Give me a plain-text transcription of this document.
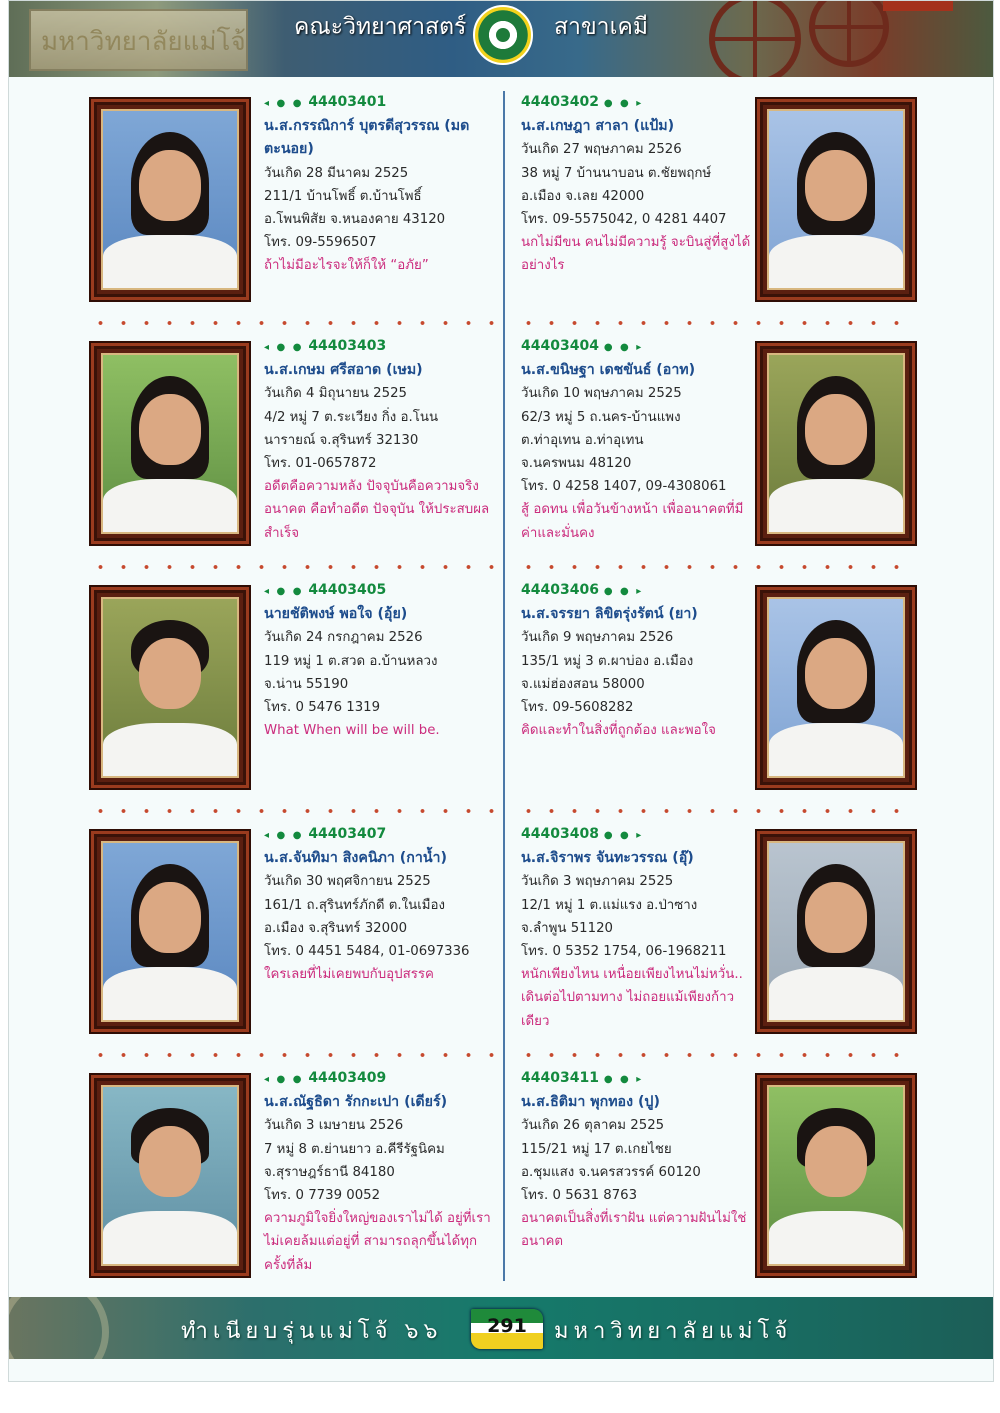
มหาวิทยาลัยแม่โจ้ คณะวิทยาศาสตร์	สาขาเคมี
◂ ● ● 44403401
น.ส.กรรณิการ์ บุตรดีสุวรรณ (มดตะนอย)
วันเกิด 28 มีนาคม 2525
211/1 บ้านโพธิ์ ต.บ้านโพธิ์
อ.โพนพิสัย จ.หนองคาย 43120
โทร. 09-5596507
ถ้าไม่มีอะไรจะให้ก็ให้ “อภัย”
44403402 ● ● ▸
น.ส.เกษฎา สาลา (แป้ม)
วันเกิด 27 พฤษภาคม 2526
38 หมู่ 7 บ้านนาบอน ต.ชัยพฤกษ์
อ.เมือง จ.เลย 42000
โทร. 09-5575042, 0 4281 4407
นกไม่มีขน คนไม่มีความรู้ จะบินสู่ที่สูงได้อย่างไร
◂ ● ● 44403403
น.ส.เกษม ศรีสอาด (เษม)
วันเกิด 4 มิถุนายน 2525
4/2 หมู่ 7 ต.ระเวียง กิ่ง อ.โนน
นารายณ์ จ.สุรินทร์ 32130
โทร. 01-0657872
อดีตคือความหลัง ปัจจุบันคือความจริง อนาคต คือทำอดีต ปัจจุบัน ให้ประสบผลสำเร็จ
44403404 ● ● ▸
น.ส.ขนิษฐา เดชขันธ์ (อาท)
วันเกิด 10 พฤษภาคม 2525
62/3 หมู่ 5 ถ.นคร-บ้านแพง
ต.ท่าอุเทน อ.ท่าอุเทน
จ.นครพนม 48120
โทร. 0 4258 1407, 09-4308061
สู้ อดทน เพื่อวันข้างหน้า เพื่ออนาคตที่มีค่าและมั่นคง
◂ ● ● 44403405
นายชัติพงษ์ พอใจ (อุ้ย)
วันเกิด 24 กรกฎาคม 2526
119 หมู่ 1 ต.สวด อ.บ้านหลวง
จ.น่าน 55190
โทร. 0 5476 1319
What When will be will be.
44403406 ● ● ▸
น.ส.จรรยา ลิขิตรุ่งรัตน์ (ยา)
วันเกิด 9 พฤษภาคม 2526
135/1 หมู่ 3 ต.ผาบ่อง อ.เมือง
จ.แม่ฮ่องสอน 58000
โทร. 09-5608282
คิดและทำในสิ่งที่ถูกต้อง และพอใจ
◂ ● ● 44403407
น.ส.จันทิมา สิงคนิภา (กานํ้า)
วันเกิด 30 พฤศจิกายน 2525
161/1 ถ.สุรินทร์ภักดี ต.ในเมือง
อ.เมือง จ.สุรินทร์ 32000
โทร. 0 4451 5484, 01-0697336
ใครเลยที่ไม่เคยพบกับอุปสรรค
44403408 ● ● ▸
น.ส.จิราพร จันทะวรรณ (อุ๊)
วันเกิด 3 พฤษภาคม 2525
12/1 หมู่ 1 ต.แม่แรง อ.ป่าซาง
จ.ลำพูน 51120
โทร. 0 5352 1754, 06-1968211
หนักเพียงไหน เหนื่อยเพียงไหนไม่หวั่น.. เดินต่อไปตามทาง ไม่ถอยแม้เพียงก้าวเดียว
◂ ● ● 44403409
น.ส.ณัฐธิดา รักกะเปา (เดียร์)
วันเกิด 3 เมษายน 2526
7 หมู่ 8 ต.ย่านยาว อ.คีรีรัฐนิคม
จ.สุราษฎร์ธานี 84180
โทร. 0 7739 0052
ความภูมิใจยิ่งใหญ่ของเราไม่ได้ อยู่ที่เราไม่เคยล้มแต่อยู่ที่ สามารถลุกขึ้นได้ทุกครั้งที่ล้ม
44403411 ● ● ▸
น.ส.ธิติมา พุกทอง (ปู)
วันเกิด 26 ตุลาคม 2525
115/21 หมู่ 17 ต.เกยไชย
อ.ชุมแสง จ.นครสวรรค์ 60120
โทร. 0 5631 8763
อนาคตเป็นสิ่งที่เราฝัน แต่ความฝันไม่ใช่อนาคต
ทำเนียบรุ่นแม่โจ้ ๖๖	291	มหาวิทยาลัยแม่โจ้
